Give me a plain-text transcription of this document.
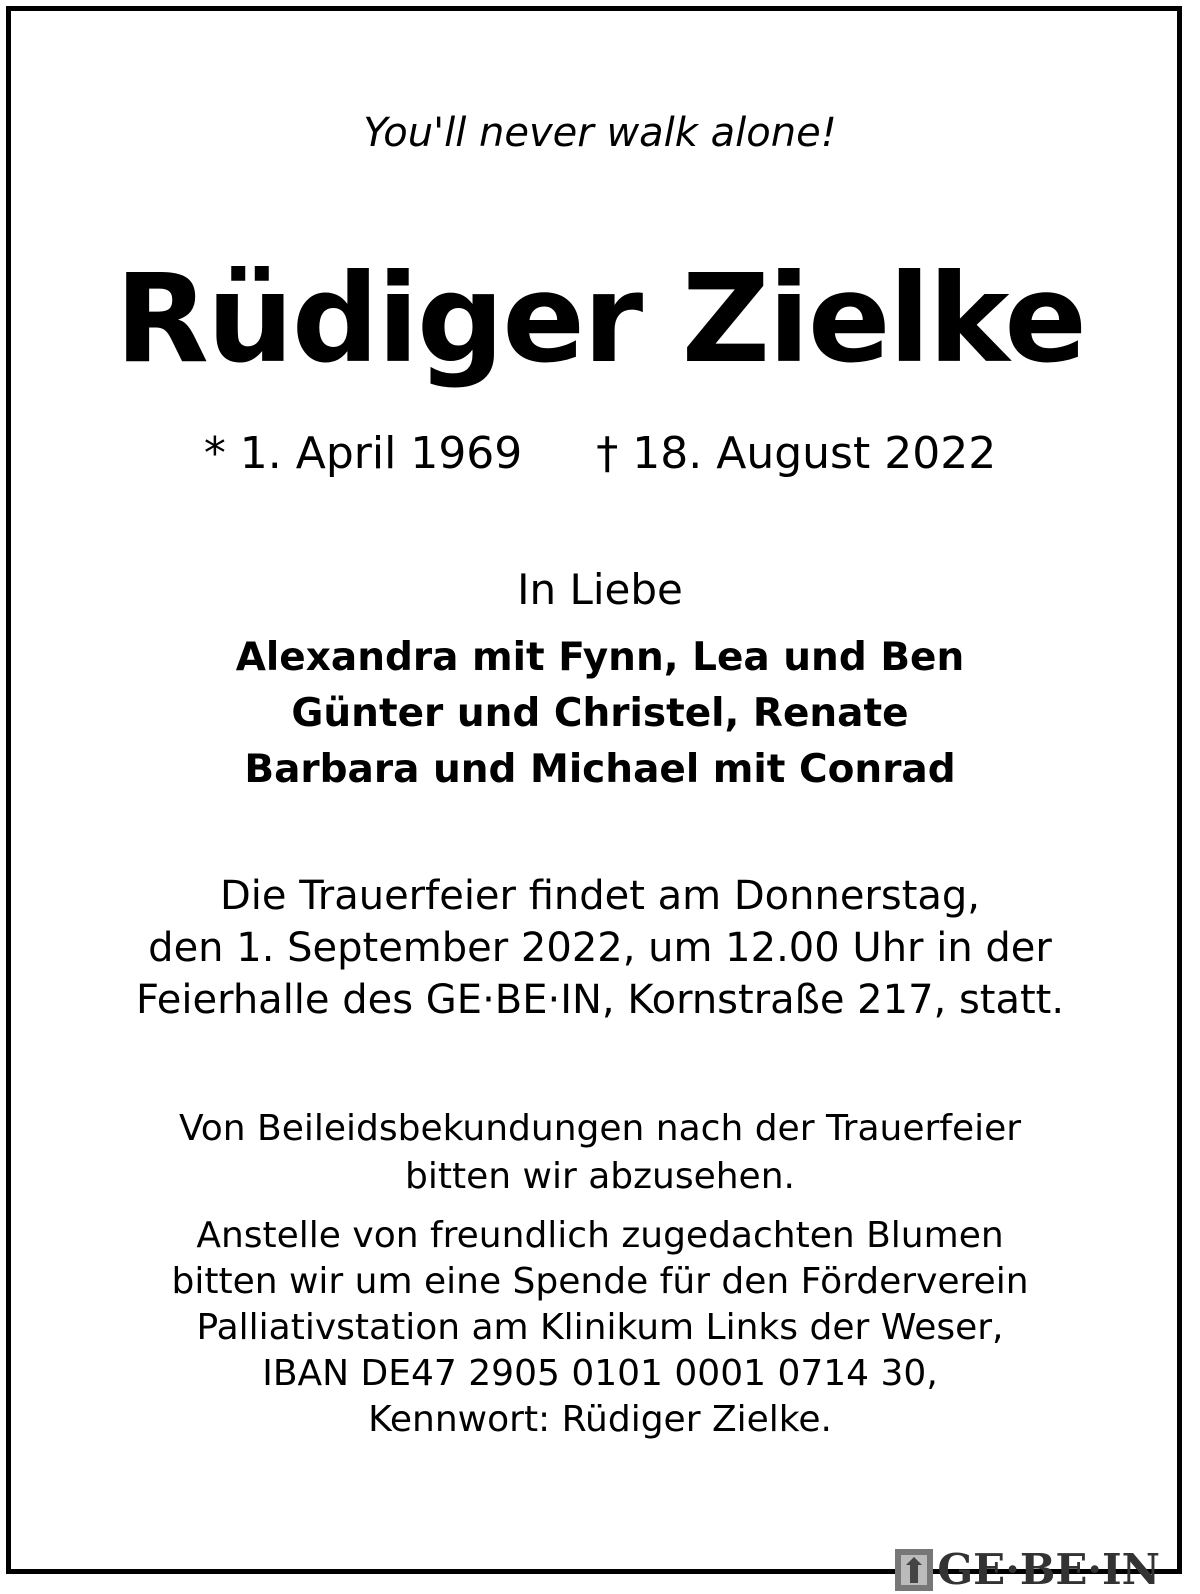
You'll never walk alone!
Rüdiger Zielke
* 1. April 1969 † 18. August 2022
In Liebe
Alexandra mit Fynn, Lea und Ben
Günter und Christel, Renate
Barbara und Michael mit Conrad
Die Trauerfeier findet am Donnerstag,
den 1. September 2022, um 12.00 Uhr in der
Feierhalle des GE·BE·IN, Kornstraße 217, statt.
Von Beileidsbekundungen nach der Trauerfeier
bitten wir abzusehen.
Anstelle von freundlich zugedachten Blumen
bitten wir um eine Spende für den Förderverein
Palliativstation am Klinikum Links der Weser,
IBAN DE47 2905 0101 0001 0714 30,
Kennwort: Rüdiger Zielke.
GE·BE·IN
